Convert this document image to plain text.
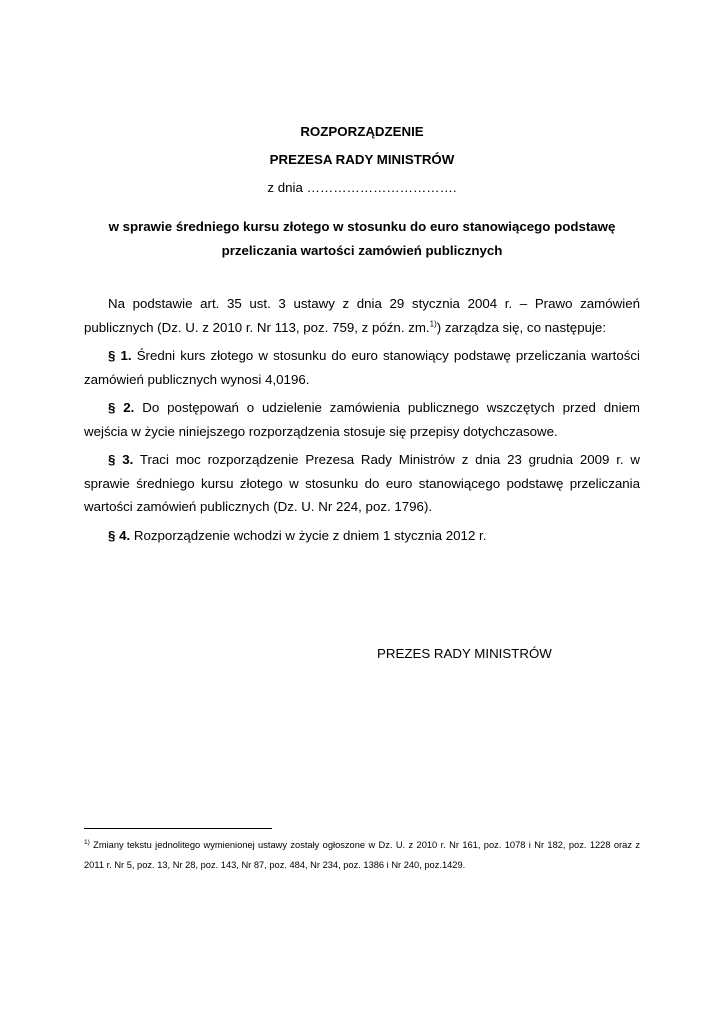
ROZPORZĄDZENIE
PREZESA RADY MINISTRÓW
z dnia …………………………….
w sprawie średniego kursu złotego w stosunku do euro stanowiącego podstawę przeliczania wartości zamówień publicznych

Na podstawie art. 35 ust. 3 ustawy z dnia 29 stycznia 2004 r. – Prawo zamówień publicznych (Dz. U. z 2010 r. Nr 113, poz. 759, z późn. zm.$^{1)}$) zarządza się, co następuje:

§ 1. Średni kurs złotego w stosunku do euro stanowiący podstawę przeliczania wartości zamówień publicznych wynosi 4,0196.

§ 2. Do postępowań o udzielenie zamówienia publicznego wszczętych przed dniem wejścia w życie niniejszego rozporządzenia stosuje się przepisy dotychczasowe.

§ 3. Traci moc rozporządzenie Prezesa Rady Ministrów z dnia 23 grudnia 2009 r. w sprawie średniego kursu złotego w stosunku do euro stanowiącego podstawę przeliczania wartości zamówień publicznych (Dz. U. Nr 224, poz. 1796).

§ 4. Rozporządzenie wchodzi w życie z dniem 1 stycznia 2012 r.

PREZES RADY MINISTRÓW
$^{1)}$ Zmiany tekstu jednolitego wymienionej ustawy zostały ogłoszone w Dz. U. z 2010 r. Nr 161, poz. 1078 i Nr 182, poz. 1228 oraz z 2011 r. Nr 5, poz. 13, Nr 28, poz. 143, Nr 87, poz. 484, Nr 234, poz. 1386 i Nr 240, poz.1429.
